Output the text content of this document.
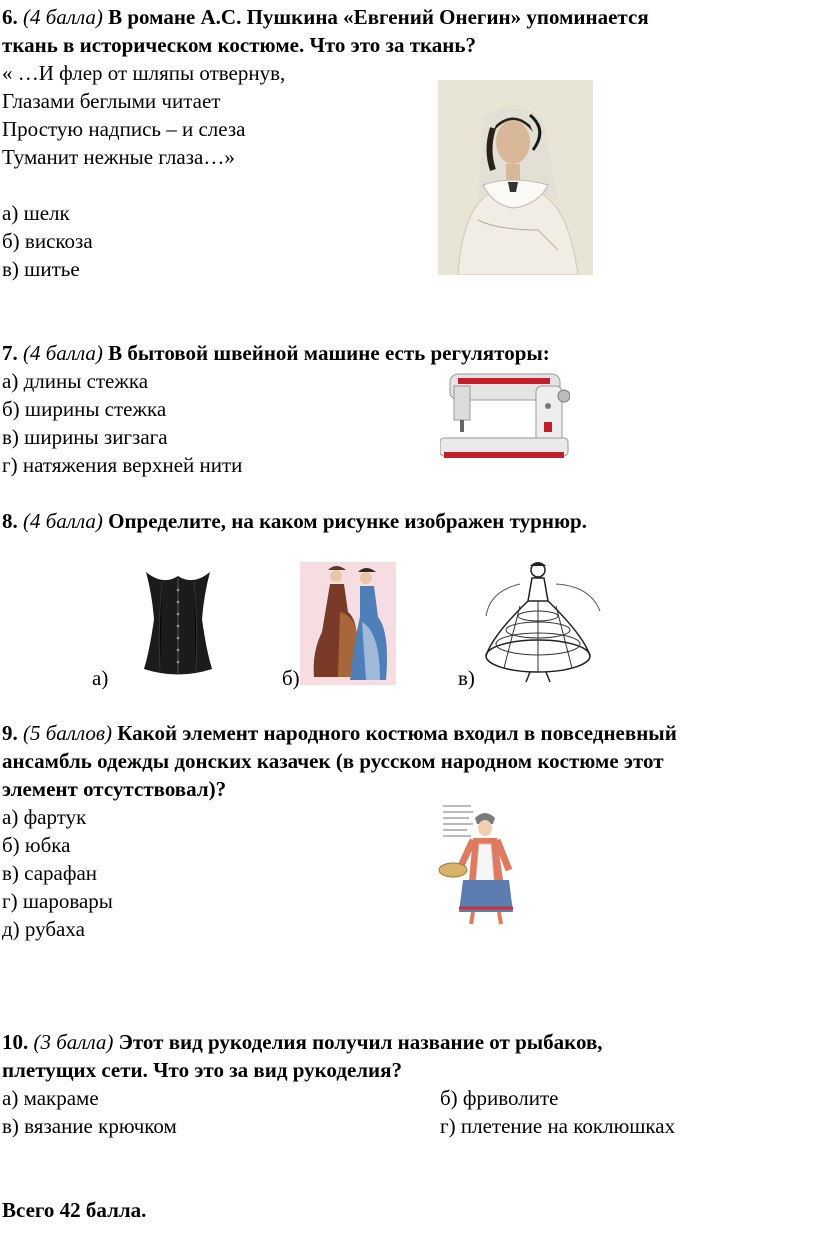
6. (4 балла) В романе А.С. Пушкина «Евгений Онегин» упоминается
ткань в историческом костюме. Что это за ткань?
« …И флер от шляпы отвернув,
Глазами беглыми читает
Простую надпись – и слеза
Туманит нежные глаза…»
а) шелк
б) вискоза
в) шитье
7. (4 балла) В бытовой швейной машине есть регуляторы:
а) длины стежка
б) ширины стежка
в) ширины зигзага
г) натяжения верхней нити
8. (4 балла) Определите, на каком рисунке изображен турнюр.
а)	б)	в)
9. (5 баллов) Какой элемент народного костюма входил в повседневный
ансамбль одежды донских казачек (в русском народном костюме этот
элемент отсутствовал)?
а) фартук
б) юбка
в) сарафан
г) шаровары
д) рубаха
10. (3 балла) Этот вид рукоделия получил название от рыбаков,
плетущих сети. Что это за вид рукоделия?
а) макраме	б) фриволите
в) вязание крючком	г) плетение на коклюшках
Всего 42 балла.
